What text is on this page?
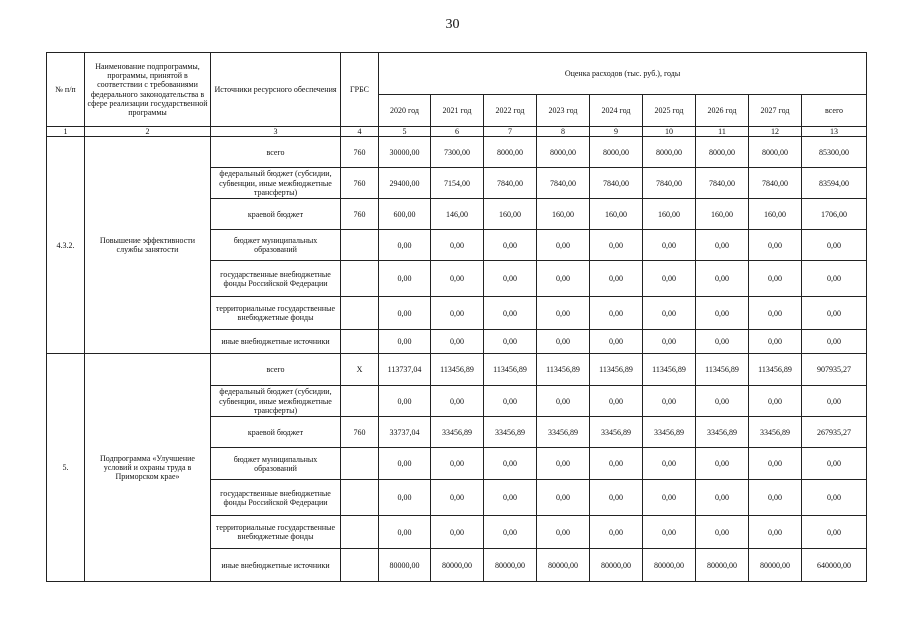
30
№ п/п	Наименование подпрограммы, программы, принятой в соответствии с требованиями федерального законодательства в сфере реализации государственной программы	Источники ресурсного обеспечения	ГРБС	Оценка расходов (тыс. руб.), годы								
				2020 год	2021 год	2022 год	2023 год	2024 год	2025 год	2026 год	2027 год	всего
1	2	3	4	5	6	7	8	9	10	11	12	13
4.3.2.	Повышение эффективности службы занятости	всего	760	30000,00	7300,00	8000,00	8000,00	8000,00	8000,00	8000,00	8000,00	85300,00
		федеральный бюджет (субсидии, субвенции, иные межбюджетные трансферты)	760	29400,00	7154,00	7840,00	7840,00	7840,00	7840,00	7840,00	7840,00	83594,00
		краевой бюджет	760	600,00	146,00	160,00	160,00	160,00	160,00	160,00	160,00	1706,00
		бюджет муниципальных образований		0,00	0,00	0,00	0,00	0,00	0,00	0,00	0,00	0,00
		государственные внебюджетные фонды Российской Федерации		0,00	0,00	0,00	0,00	0,00	0,00	0,00	0,00	0,00
		территориальные государственные внебюджетные фонды		0,00	0,00	0,00	0,00	0,00	0,00	0,00	0,00	0,00
		иные внебюджетные источники		0,00	0,00	0,00	0,00	0,00	0,00	0,00	0,00	0,00
5.	Подпрограмма «Улучшение условий и охраны труда в Приморском крае»	всего	Х	113737,04	113456,89	113456,89	113456,89	113456,89	113456,89	113456,89	113456,89	907935,27
		федеральный бюджет (субсидии, субвенции, иные межбюджетные трансферты)		0,00	0,00	0,00	0,00	0,00	0,00	0,00	0,00	0,00
		краевой бюджет	760	33737,04	33456,89	33456,89	33456,89	33456,89	33456,89	33456,89	33456,89	267935,27
		бюджет муниципальных образований		0,00	0,00	0,00	0,00	0,00	0,00	0,00	0,00	0,00
		государственные внебюджетные фонды Российской Федерации		0,00	0,00	0,00	0,00	0,00	0,00	0,00	0,00	0,00
		территориальные государственные внебюджетные фонды		0,00	0,00	0,00	0,00	0,00	0,00	0,00	0,00	0,00
		иные внебюджетные источники		80000,00	80000,00	80000,00	80000,00	80000,00	80000,00	80000,00	80000,00	640000,00
